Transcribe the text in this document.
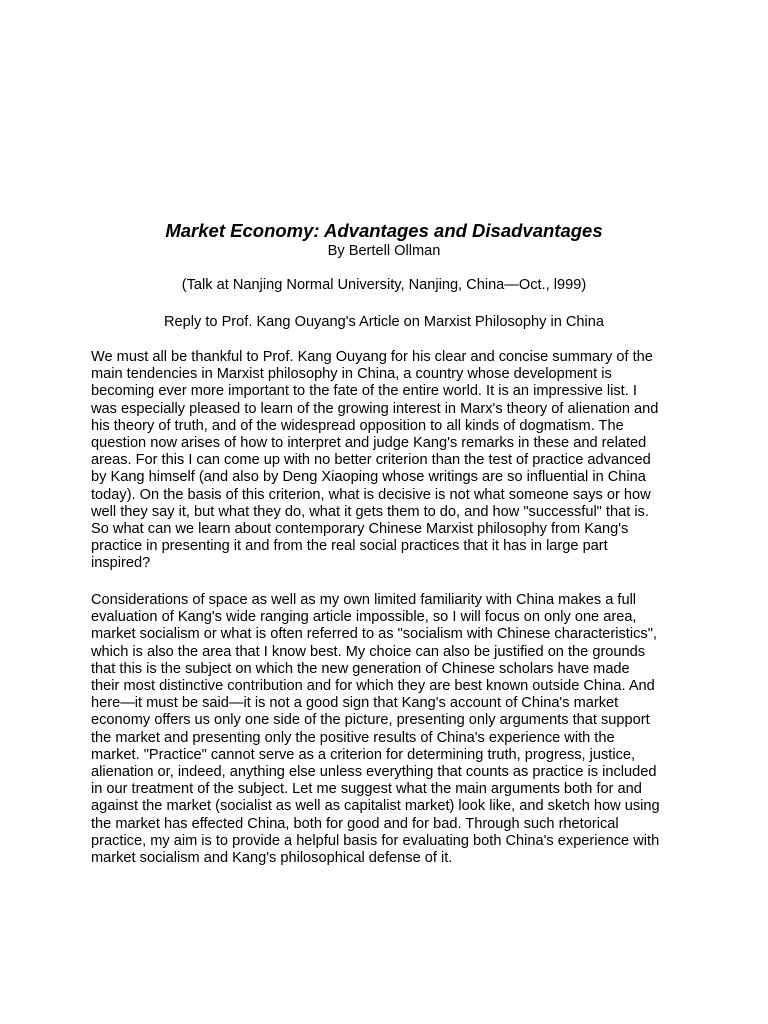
Market Economy: Advantages and Disadvantages
By Bertell Ollman
(Talk at Nanjing Normal University, Nanjing, China—Oct., l999)
Reply to Prof. Kang Ouyang's Article on Marxist Philosophy in China
We must all be thankful to Prof. Kang Ouyang for his clear and concise summary of the
main tendencies in Marxist philosophy in China, a country whose development is
becoming ever more important to the fate of the entire world. It is an impressive list. I
was especially pleased to learn of the growing interest in Marx's theory of alienation and
his theory of truth, and of the widespread opposition to all kinds of dogmatism. The
question now arises of how to interpret and judge Kang's remarks in these and related
areas. For this I can come up with no better criterion than the test of practice advanced
by Kang himself (and also by Deng Xiaoping whose writings are so influential in China
today). On the basis of this criterion, what is decisive is not what someone says or how
well they say it, but what they do, what it gets them to do, and how "successful" that is.
So what can we learn about contemporary Chinese Marxist philosophy from Kang's
practice in presenting it and from the real social practices that it has in large part
inspired?
Considerations of space as well as my own limited familiarity with China makes a full
evaluation of Kang's wide ranging article impossible, so I will focus on only one area,
market socialism or what is often referred to as "socialism with Chinese characteristics",
which is also the area that I know best. My choice can also be justified on the grounds
that this is the subject on which the new generation of Chinese scholars have made
their most distinctive contribution and for which they are best known outside China. And
here—it must be said—it is not a good sign that Kang's account of China's market
economy offers us only one side of the picture, presenting only arguments that support
the market and presenting only the positive results of China's experience with the
market. "Practice" cannot serve as a criterion for determining truth, progress, justice,
alienation or, indeed, anything else unless everything that counts as practice is included
in our treatment of the subject. Let me suggest what the main arguments both for and
against the market (socialist as well as capitalist market) look like, and sketch how using
the market has effected China, both for good and for bad. Through such rhetorical
practice, my aim is to provide a helpful basis for evaluating both China's experience with
market socialism and Kang's philosophical defense of it.
